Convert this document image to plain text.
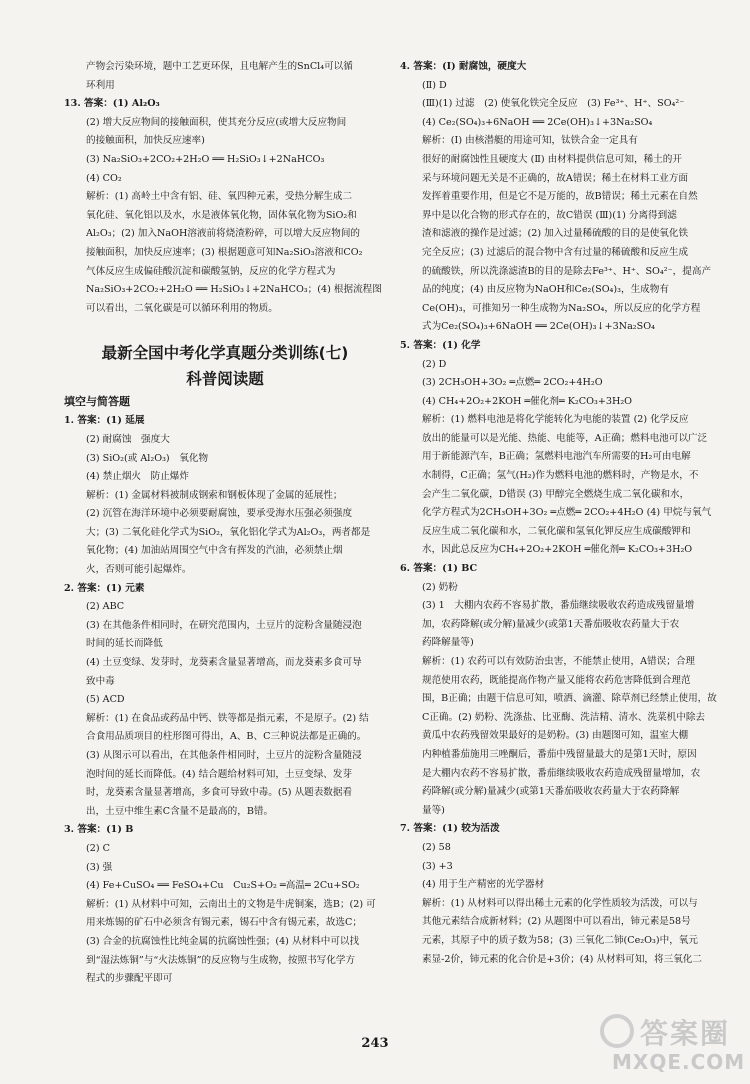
产物会污染环境，题中工艺更环保，且电解产生的SnCl₄可以循

环利用

13. 答案：(1) Al₂O₃

(2) 增大反应物间的接触面积，使其充分反应(或增大反应物间

的接触面积，加快反应速率)

(3) Na₂SiO₃+2CO₂+2H₂O ══ H₂SiO₃↓+2NaHCO₃

(4) CO₂

解析：(1) 高岭土中含有铝、硅、氧四种元素，受热分解生成二

氧化硅、氧化铝以及水，水是液体氧化物，固体氧化物为SiO₂和

Al₂O₃；(2) 加入NaOH溶液前将烧渣粉碎，可以增大反应物间的

接触面积，加快反应速率；(3) 根据题意可知Na₂SiO₃溶液和CO₂

气体反应生成偏硅酸沉淀和碳酸氢钠，反应的化学方程式为

Na₂SiO₃+2CO₂+2H₂O ══ H₂SiO₃↓+2NaHCO₃；(4) 根据流程图

可以看出，二氧化碳是可以循环利用的物质。

最新全国中考化学真题分类训练(七)
科普阅读题
填空与简答题

1. 答案：(1) 延展

(2) 耐腐蚀　强度大

(3) SiO₂(或 Al₂O₃)　氧化物

(4) 禁止烟火　防止爆炸

解析：(1) 金属材料被制成钢索和钢板体现了金属的延展性；

(2) 沉管在海洋环境中必须要耐腐蚀，要承受海水压强必须强度

大；(3) 二氧化硅化学式为SiO₂，氧化铝化学式为Al₂O₃，两者都是

氧化物；(4) 加油站周围空气中含有挥发的汽油，必须禁止烟

火，否则可能引起爆炸。

2. 答案：(1) 元素

(2) ABC

(3) 在其他条件相同时，在研究范围内，土豆片的淀粉含量随浸泡

时间的延长而降低

(4) 土豆变绿、发芽时，龙葵素含量显著增高，而龙葵素多食可导

致中毒

(5) ACD

解析：(1) 在食品或药品中钙、铁等都是指元素，不是原子。(2) 结

合食用品质项目的柱形图可得出，A、B、C三种说法都是正确的。

(3) 从图示可以看出，在其他条件相同时，土豆片的淀粉含量随浸

泡时间的延长而降低。(4) 结合题给材料可知，土豆变绿、发芽

时，龙葵素含量显著增高，多食可导致中毒。(5) 从题表数据看

出，土豆中维生素C含量不是最高的，B错。

3. 答案：(1) B

(2) C

(3) 强

(4) Fe+CuSO₄ ══ FeSO₄+Cu　Cu₂S+O₂ ═高温═ 2Cu+SO₂

解析：(1) 从材料中可知，云南出土的文物是牛虎铜案，选B；(2) 可

用来炼锡的矿石中必须含有锡元素，锡石中含有锡元素，故选C；

(3) 合金的抗腐蚀性比纯金属的抗腐蚀性强；(4) 从材料中可以找

到“湿法炼铜”与“火法炼铜”的反应物与生成物，按照书写化学方

程式的步骤配平即可

4. 答案：(Ⅰ) 耐腐蚀，硬度大

(Ⅱ) D

(Ⅲ)(1) 过滤　(2) 使氧化铁完全反应　(3) Fe³⁺、H⁺、SO₄²⁻

(4) Ce₂(SO₄)₃+6NaOH ══ 2Ce(OH)₃↓+3Na₂SO₄

解析：(Ⅰ) 由核潜艇的用途可知，钛铁合金一定具有

很好的耐腐蚀性且硬度大 (Ⅱ) 由材料提供信息可知，稀土的开

采与环境问题无关是不正确的，故A错误；稀土在材料工业方面

发挥着重要作用，但是它不是万能的，故B错误；稀土元素在自然

界中是以化合物的形式存在的，故C错误 (Ⅲ)(1) 分离得到滤

渣和滤液的操作是过滤；(2) 加入过量稀硫酸的目的是使氧化铁

完全反应；(3) 过滤后的混合物中含有过量的稀硫酸和反应生成

的硫酸铁，所以洗涤滤渣B的目的是除去Fe³⁺、H⁺、SO₄²⁻，提高产

品的纯度；(4) 由反应物为NaOH和Ce₂(SO₄)₃，生成物有

Ce(OH)₃，可推知另一种生成物为Na₂SO₄，所以反应的化学方程

式为Ce₂(SO₄)₃+6NaOH ══ 2Ce(OH)₃↓+3Na₂SO₄

5. 答案：(1) 化学

(2) D

(3) 2CH₃OH+3O₂ ═点燃═ 2CO₂+4H₂O

(4) CH₄+2O₂+2KOH ═催化剂═ K₂CO₃+3H₂O

解析：(1) 燃料电池是将化学能转化为电能的装置 (2) 化学反应

放出的能量可以是光能、热能、电能等，A正确；燃料电池可以广泛

用于新能源汽车，B正确；氢燃料电池汽车所需要的H₂可由电解

水制得，C正确；氢气(H₂)作为燃料电池的燃料时，产物是水，不

会产生二氧化碳，D错误 (3) 甲醇完全燃烧生成二氧化碳和水，

化学方程式为2CH₃OH+3O₂ ═点燃═ 2CO₂+4H₂O (4) 甲烷与氧气

反应生成二氧化碳和水，二氧化碳和氢氧化钾反应生成碳酸钾和

水，因此总反应为CH₄+2O₂+2KOH ═催化剂═ K₂CO₃+3H₂O

6. 答案：(1) BC

(2) 奶粉

(3) 1　大棚内农药不容易扩散，番茄继续吸收农药造成残留量增

加，农药降解(或分解)量减少(或第1天番茄吸收农药量大于农

药降解量等)

解析：(1) 农药可以有效防治虫害，不能禁止使用，A错误；合理

规范使用农药，既能提高作物产量又能将农药危害降低到合理范

围，B正确；由题干信息可知，喷洒、滴灌、除草剂已经禁止使用，故

C正确。(2) 奶粉、洗涤盐、比亚酶、洗洁精、清水、洗菜机中除去

黄瓜中农药残留效果最好的是奶粉。(3) 由题图可知，温室大棚

内种植番茄施用三唑酮后，番茄中残留量最大的是第1天时，原因

是大棚内农药不容易扩散，番茄继续吸收农药造成残留量增加，农

药降解(或分解)量减少(或第1天番茄吸收农药量大于农药降解

量等)

7. 答案：(1) 较为活泼

(2) 58

(3) +3

(4) 用于生产精密的光学器材

解析：(1) 从材料可以得出稀土元素的化学性质较为活泼，可以与

其他元素结合成新材料；(2) 从题图中可以看出，铈元素是58号

元素，其原子中的质子数为58；(3) 三氧化二铈(Ce₂O₃)中，氧元

素显-2价，铈元素的化合价是+3价；(4) 从材料可知，将三氧化二

243	答案圈
MXQE.COM
